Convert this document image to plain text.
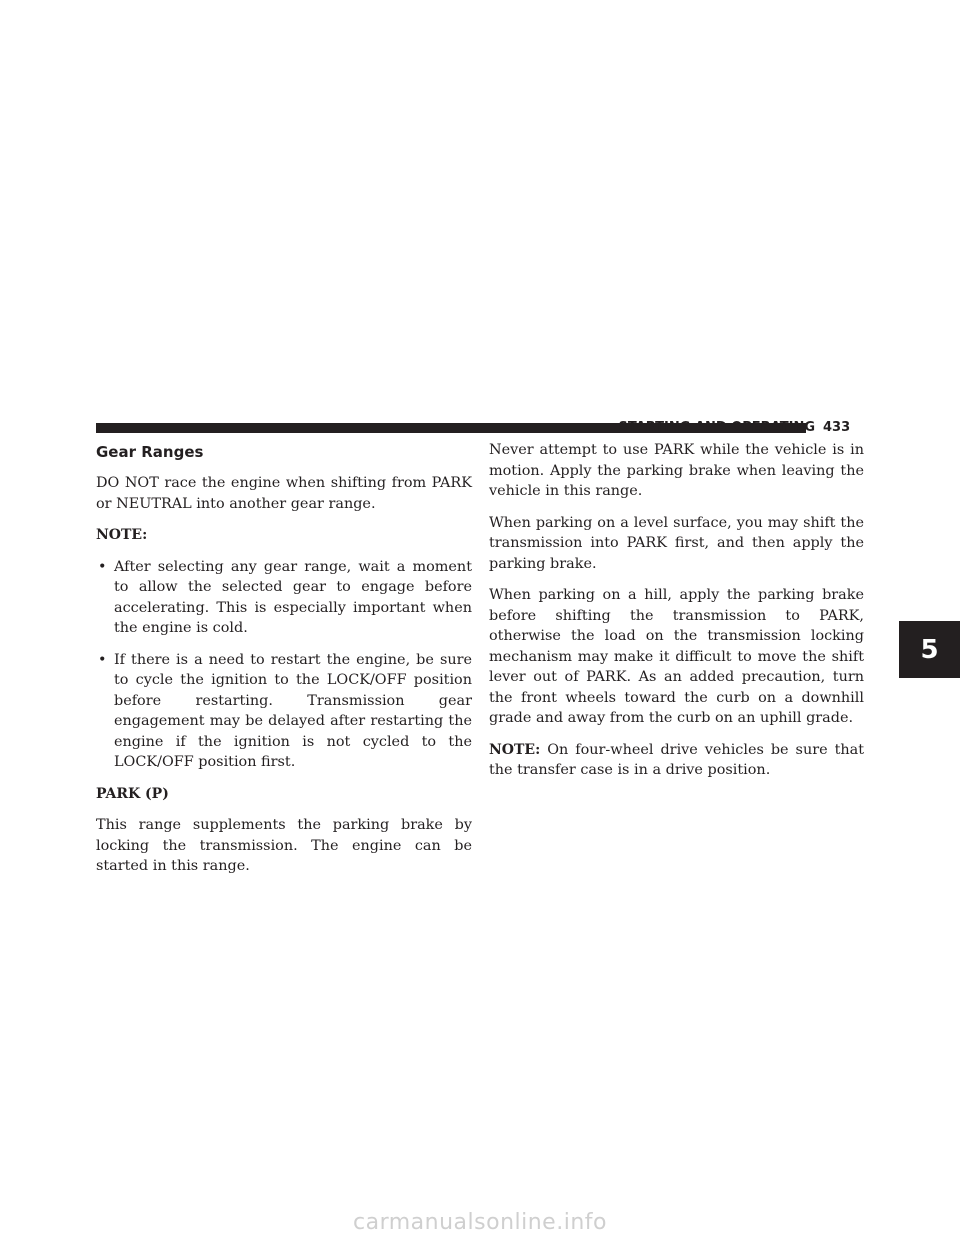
STARTING AND OPERATING 433
Gear Ranges

DO NOT race the engine when shifting from PARK or NEUTRAL into another gear range.

NOTE:

• After selecting any gear range, wait a moment to allow the selected gear to engage before accelerating. This is especially important when the engine is cold.
• If there is a need to restart the engine, be sure to cycle the ignition to the LOCK/OFF position before restarting. Transmission gear engagement may be delayed after restarting the engine if the ignition is not cycled to the LOCK/OFF position first.

PARK (P)

This range supplements the parking brake by locking the transmission. The engine can be started in this range.

Never attempt to use PARK while the vehicle is in motion. Apply the parking brake when leaving the vehicle in this range.

When parking on a level surface, you may shift the transmission into PARK first, and then apply the parking brake.

When parking on a hill, apply the parking brake before shifting the transmission to PARK, otherwise the load on the transmission locking mechanism may make it difficult to move the shift lever out of PARK. As an added precaution, turn the front wheels toward the curb on a downhill grade and away from the curb on an uphill grade.

NOTE: On four-wheel drive vehicles be sure that the transfer case is in a drive position.

5
carmanualsonline.info
